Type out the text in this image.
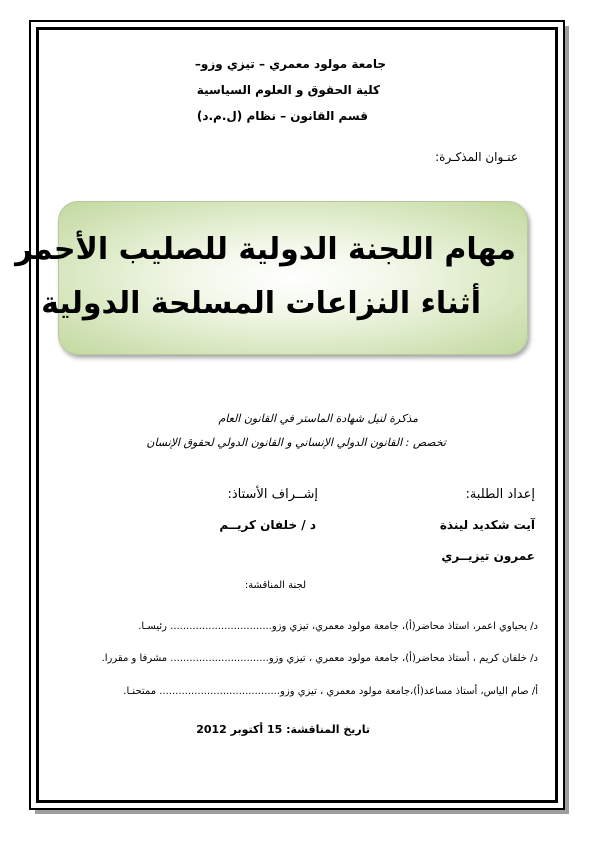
جامعة مولود معمري – تيزي وزو–
كلية الحقوق و العلوم السياسية
قسم القانون – نظام (ل.م.د)
عنـوان المذكـرة:
مهام اللجنة الدولية للصليب الأحمر
أثناء النزاعات المسلحة الدولية
مذكرة لنيل شهادة الماستر في القانون العام
تخصص : القانون الدولي الإنساني و القانون الدولي لحقوق الإنسان
إعداد الطلبة:
إشــراف الأستاذ:
آيت شكديد لينذة
د / خلفان كريــم
عمرون تيزيــري
لجنة المناقشة:
د/ يحياوي اعمر، استاذ محاضر(أ)، جامعة مولود معمري، تيزي وزو................................ رئيسـا.
د/ خلفان كريم ، أستاذ محاضر(أ)، جامعة مولود معمري ، تيزي وزو............................... مشرفا و مقررا.
أ/ صام الياس، أستاذ مساعد(أ)،جامعة مولود معمري ، تيزي وزو...................................... ممتحنـا.
تاريخ المناقشة: 15 أكتوبر 2012
